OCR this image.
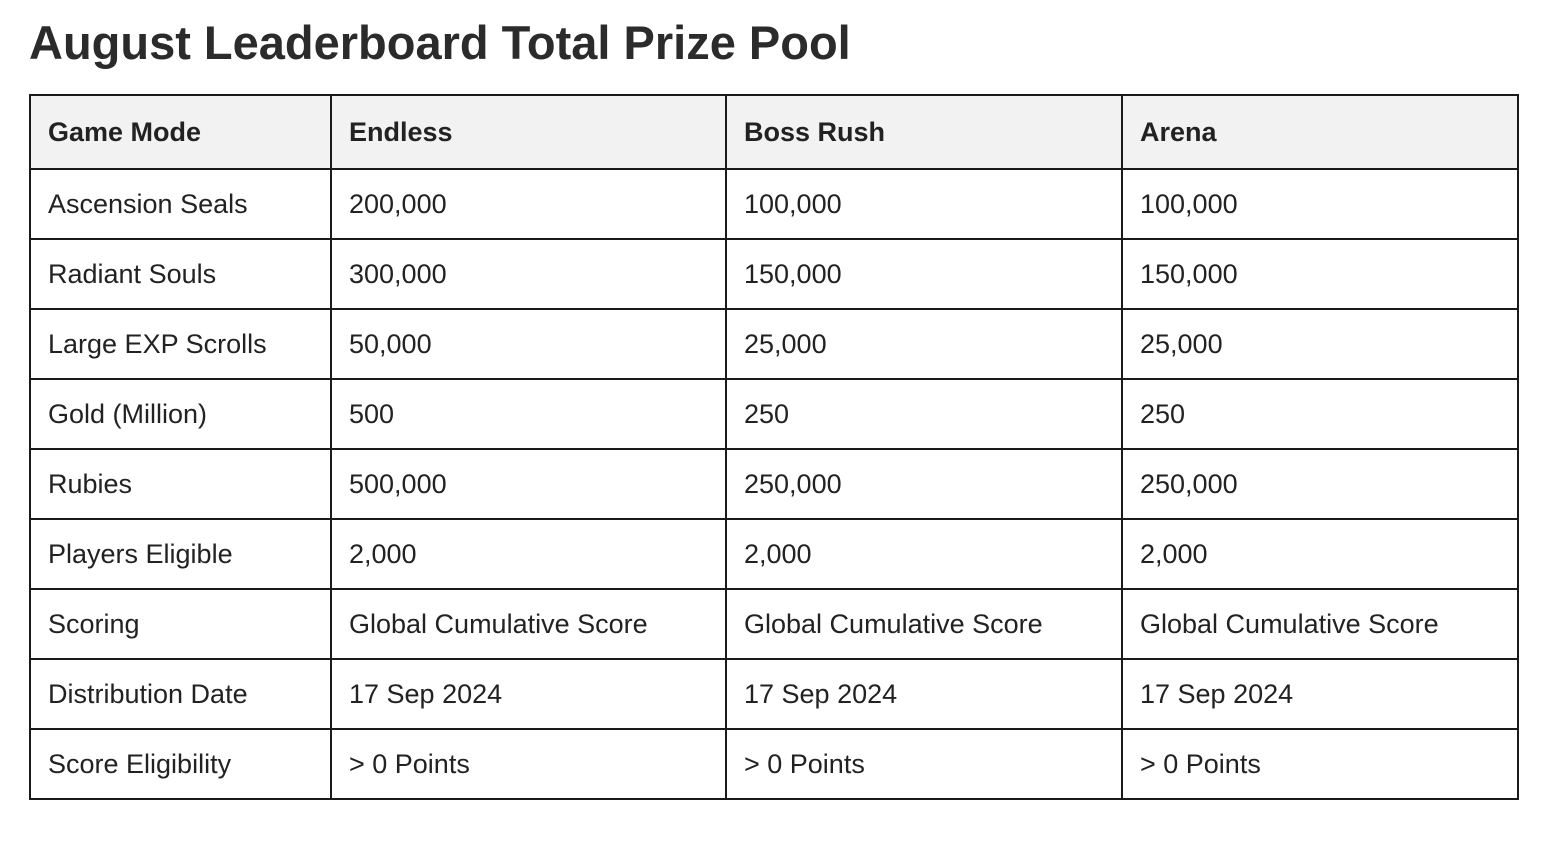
August Leaderboard Total Prize Pool
Game Mode	Endless	Boss Rush	Arena
Ascension Seals	200,000	100,000	100,000
Radiant Souls	300,000	150,000	150,000
Large EXP Scrolls	50,000	25,000	25,000
Gold (Million)	500	250	250
Rubies	500,000	250,000	250,000
Players Eligible	2,000	2,000	2,000
Scoring	Global Cumulative Score	Global Cumulative Score	Global Cumulative Score
Distribution Date	17 Sep 2024	17 Sep 2024	17 Sep 2024
Score Eligibility	> 0 Points	> 0 Points	> 0 Points
